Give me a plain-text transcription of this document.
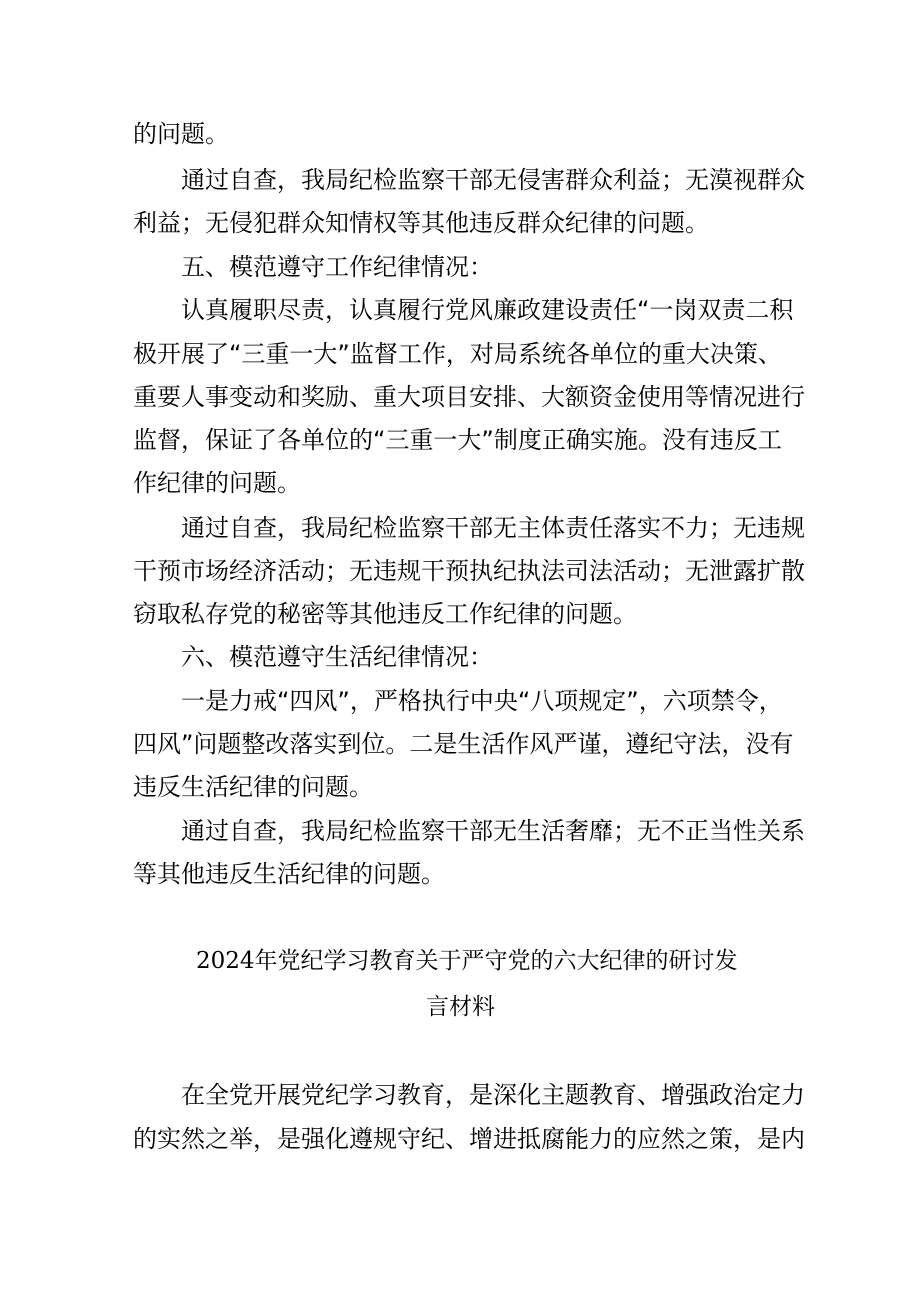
的问题。
通过自查，我局纪检监察干部无侵害群众利益；无漠视群众
利益；无侵犯群众知情权等其他违反群众纪律的问题。
五、模范遵守工作纪律情况：
认真履职尽责，认真履行党风廉政建设责任“一岗双责二积
极开展了“三重一大”监督工作，对局系统各单位的重大决策、
重要人事变动和奖励、重大项目安排、大额资金使用等情况进行
监督，保证了各单位的“三重一大”制度正确实施。没有违反工
作纪律的问题。
通过自查，我局纪检监察干部无主体责任落实不力；无违规
干预市场经济活动；无违规干预执纪执法司法活动；无泄露扩散
窃取私存党的秘密等其他违反工作纪律的问题。
六、模范遵守生活纪律情况：
一是力戒“四风”，严格执行中央“八项规定”，六项禁令，
四风”问题整改落实到位。二是生活作风严谨，遵纪守法，没有
违反生活纪律的问题。
通过自查，我局纪检监察干部无生活奢靡；无不正当性关系
等其他违反生活纪律的问题。
2024年党纪学习教育关于严守党的六大纪律的研讨发
言材料
在全党开展党纪学习教育，是深化主题教育、增强政治定力
的实然之举，是强化遵规守纪、增进抵腐能力的应然之策，是内
